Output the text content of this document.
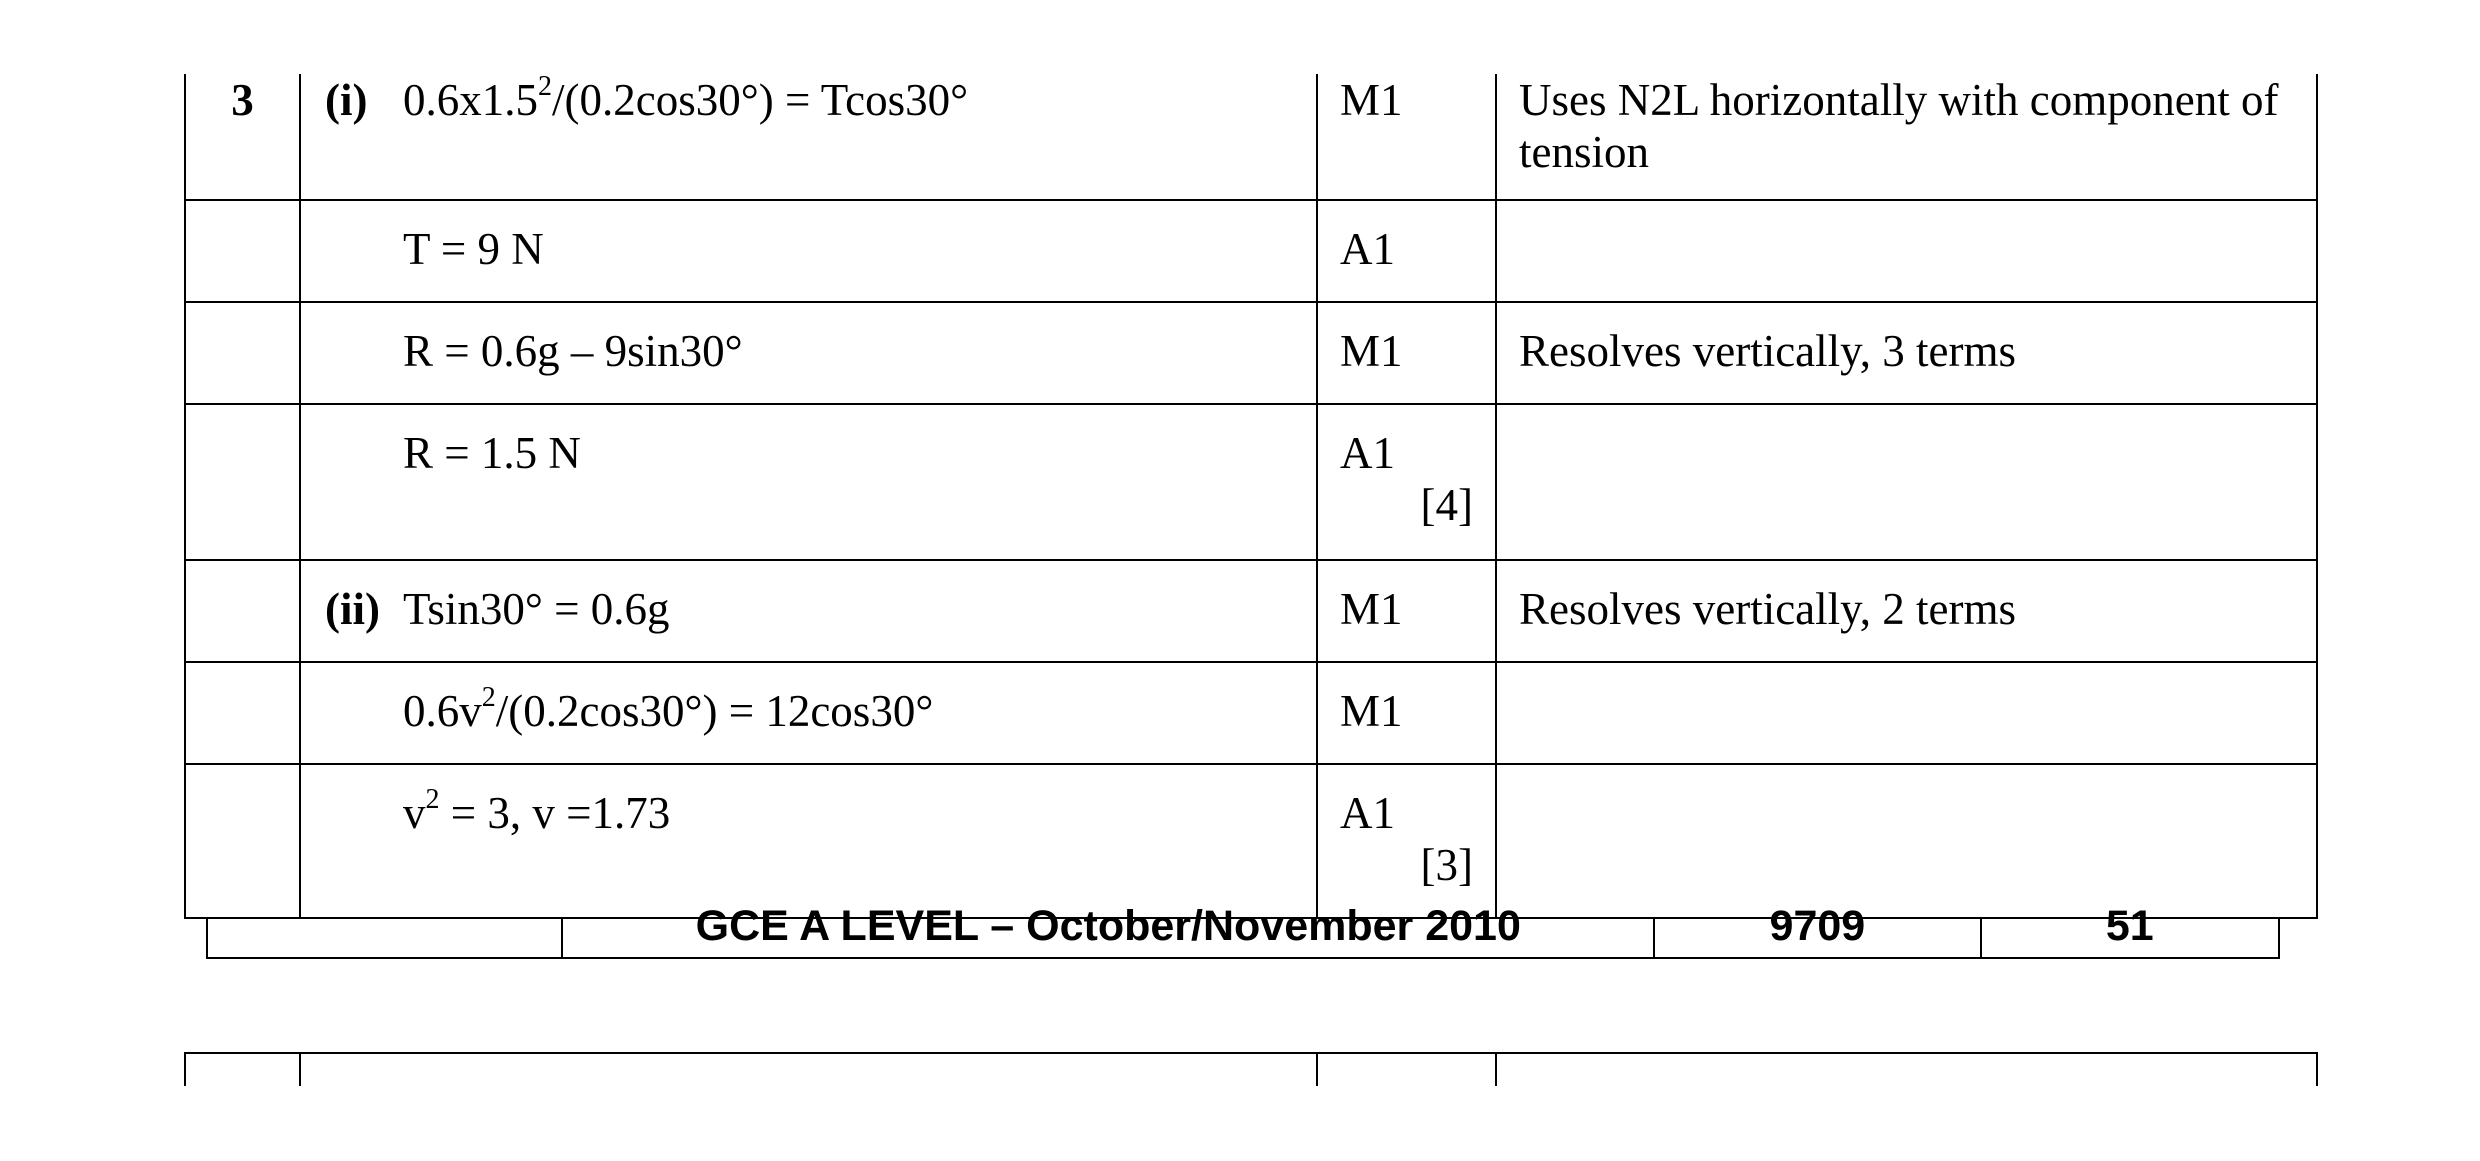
3	(i) $0.6x1.5^2/(0.2\cos 30^\circ) = Tcos30^\circ$	M1	Uses N2L horizontally with component of tension

	T = 9 N	A1	

	R = 0.6g – 9sin30°	M1	Resolves vertically, 3 terms

	R = 1.5 N	A1
[4]	

	(ii) Tsin30° = 0.6g	M1	Resolves vertically, 2 terms

	$0.6v^2/(0.2\cos 30^\circ) = 12\cos 30^\circ$	M1	

	$v^2 = 3$, v =1.73	A1
[3]	

GCE A LEVEL – October/November 2010	9709	51
